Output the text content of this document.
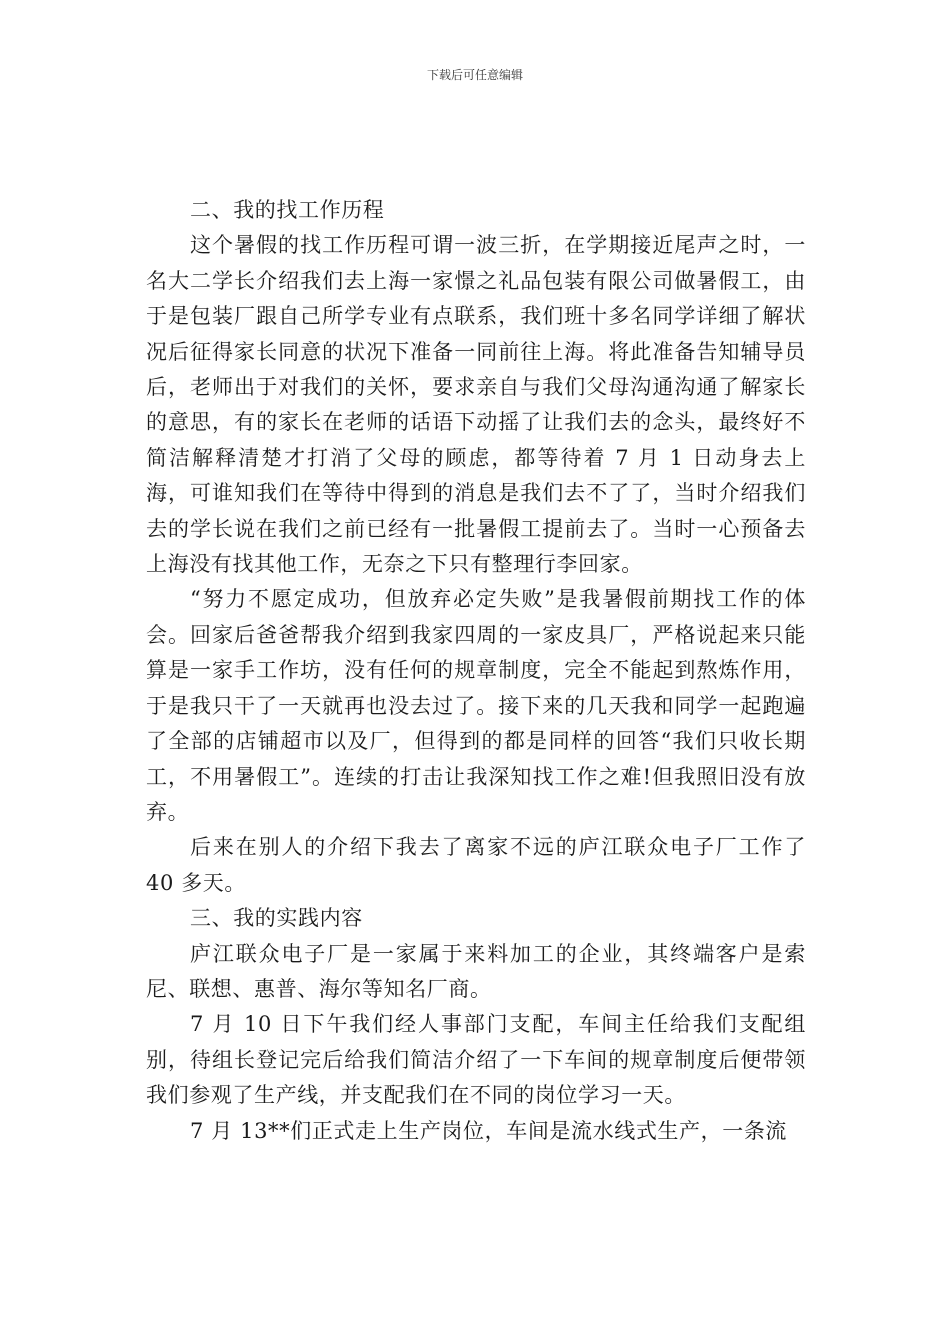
下载后可任意编辑

二、我的找工作历程

这个暑假的找工作历程可谓一波三折，在学期接近尾声之时，一名大二学长介绍我们去上海一家憬之礼品包装有限公司做暑假工，由于是包装厂跟自己所学专业有点联系，我们班十多名同学详细了解状况后征得家长同意的状况下准备一同前往上海。将此准备告知辅导员后，老师出于对我们的关怀，要求亲自与我们父母沟通沟通了解家长的意思，有的家长在老师的话语下动摇了让我们去的念头，最终好不简洁解释清楚才打消了父母的顾虑，都等待着 7 月 1 日动身去上海，可谁知我们在等待中得到的消息是我们去不了了，当时介绍我们去的学长说在我们之前已经有一批暑假工提前去了。当时一心预备去上海没有找其他工作，无奈之下只有整理行李回家。

“努力不愿定成功，但放弃必定失败”是我暑假前期找工作的体会。回家后爸爸帮我介绍到我家四周的一家皮具厂，严格说起来只能算是一家手工作坊，没有任何的规章制度，完全不能起到熬炼作用，于是我只干了一天就再也没去过了。接下来的几天我和同学一起跑遍了全部的店铺超市以及厂，但得到的都是同样的回答“我们只收长期工，不用暑假工”。连续的打击让我深知找工作之难!但我照旧没有放弃。

后来在别人的介绍下我去了离家不远的庐江联众电子厂工作了 40 多天。

三、我的实践内容

庐江联众电子厂是一家属于来料加工的企业，其终端客户是索尼、联想、惠普、海尔等知名厂商。

7 月 10 日下午我们经人事部门支配，车间主任给我们支配组别，待组长登记完后给我们简洁介绍了一下车间的规章制度后便带领我们参观了生产线，并支配我们在不同的岗位学习一天。

7 月 13**们正式走上生产岗位，车间是流水线式生产，一条流
